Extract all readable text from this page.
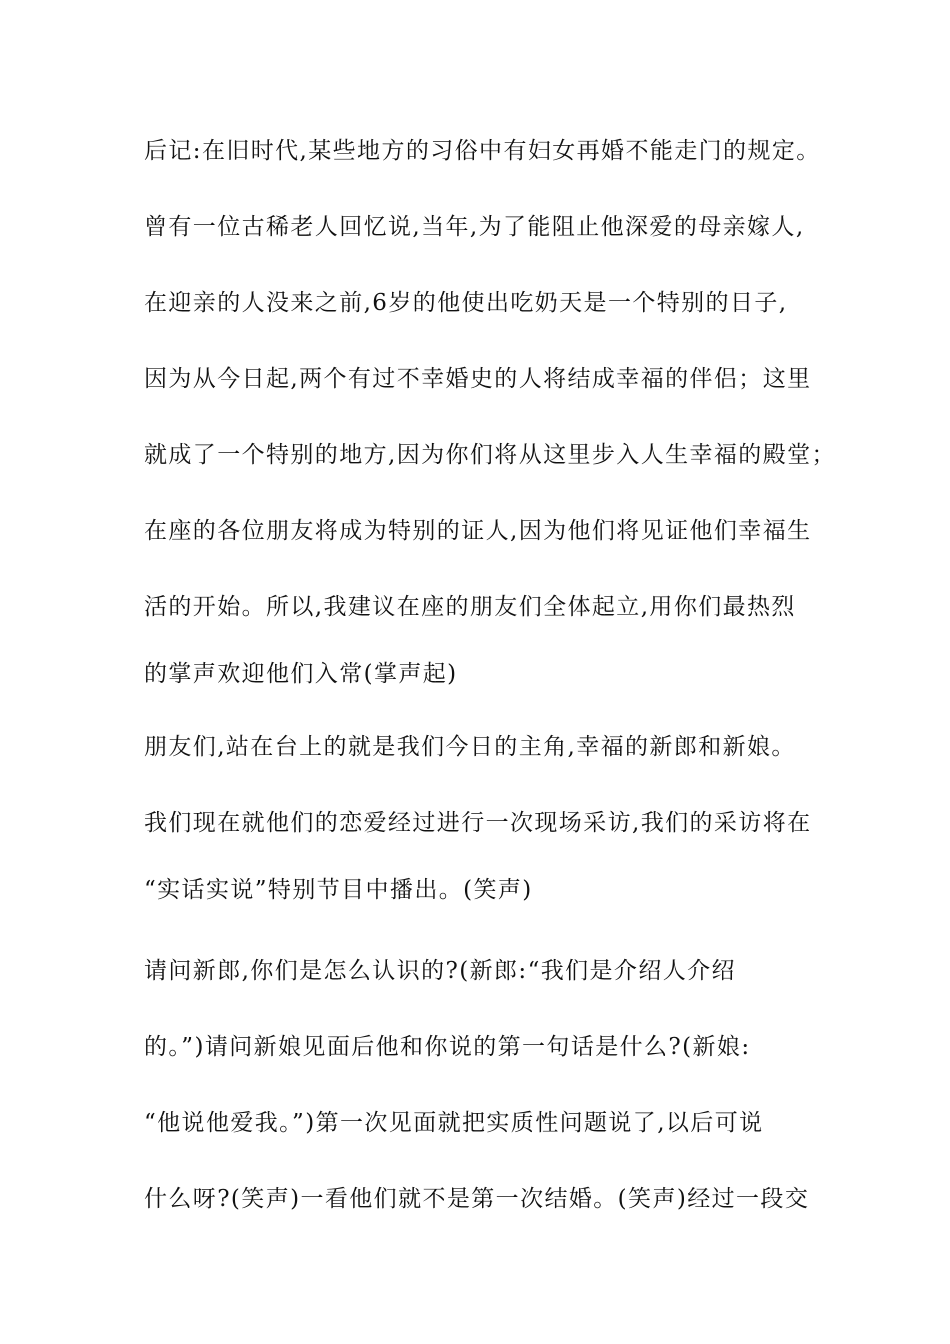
后记:在旧时代,某些地方的习俗中有妇女再婚不能走门的规定。
曾有一位古稀老人回忆说,当年,为了能阻止他深爱的母亲嫁人,
在迎亲的人没来之前,6岁的他使出吃奶天是一个特别的日子,
因为从今日起,两个有过不幸婚史的人将结成幸福的伴侣；这里
就成了一个特别的地方,因为你们将从这里步入人生幸福的殿堂；
在座的各位朋友将成为特别的证人,因为他们将见证他们幸福生
活的开始。所以,我建议在座的朋友们全体起立,用你们最热烈
的掌声欢迎他们入常(掌声起)
朋友们,站在台上的就是我们今日的主角,幸福的新郎和新娘。
我们现在就他们的恋爱经过进行一次现场采访,我们的采访将在
“实话实说”特别节目中播出。(笑声)
请问新郎,你们是怎么认识的?(新郎:“我们是介绍人介绍
的。”)请问新娘见面后他和你说的第一句话是什么?(新娘:
“他说他爱我。”)第一次见面就把实质性问题说了,以后可说
什么呀?(笑声)一看他们就不是第一次结婚。(笑声)经过一段交
